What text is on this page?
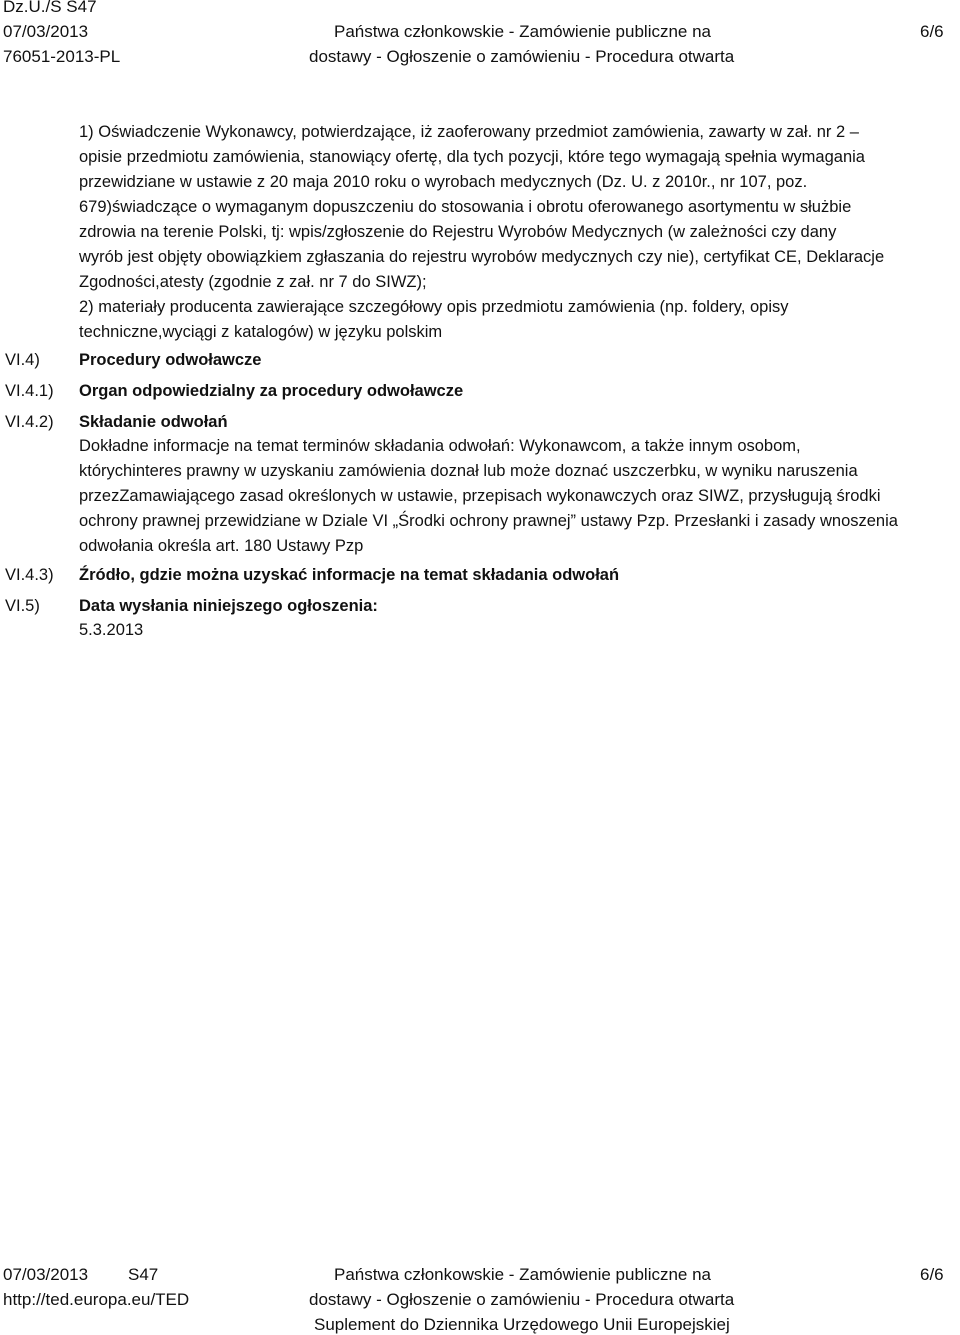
Dz.U./S S47
07/03/2013
76051-2013-PL
Państwa członkowskie - Zamówienie publiczne na
dostawy - Ogłoszenie o zamówieniu - Procedura otwarta
6/6
1) Oświadczenie Wykonawcy, potwierdzające, iż zaoferowany przedmiot zamówienia, zawarty w zał. nr 2 –
opisie przedmiotu zamówienia, stanowiący ofertę, dla tych pozycji, które tego wymagają spełnia wymagania
przewidziane w ustawie z 20 maja 2010 roku o wyrobach medycznych (Dz. U. z 2010r., nr 107, poz.
679)świadczące o wymaganym dopuszczeniu do stosowania i obrotu oferowanego asortymentu w służbie
zdrowia na terenie Polski, tj: wpis/zgłoszenie do Rejestru Wyrobów Medycznych (w zależności czy dany
wyrób jest objęty obowiązkiem zgłaszania do rejestru wyrobów medycznych czy nie), certyfikat CE, Deklaracje
Zgodności,atesty (zgodnie z zał. nr 7 do SIWZ);
2) materiały producenta zawierające szczegółowy opis przedmiotu zamówienia (np. foldery, opisy
techniczne,wyciągi z katalogów) w języku polskim
VI.4) Procedury odwoławcze
VI.4.1) Organ odpowiedzialny za procedury odwoławcze
VI.4.2) Składanie odwołań
Dokładne informacje na temat terminów składania odwołań: Wykonawcom, a także innym osobom,
którychinteres prawny w uzyskaniu zamówienia doznał lub może doznać uszczerbku, w wyniku naruszenia
przezZamawiającego zasad określonych w ustawie, przepisach wykonawczych oraz SIWZ, przysługują środki
ochrony prawnej przewidziane w Dziale VI „Środki ochrony prawnej” ustawy Pzp. Przesłanki i zasady wnoszenia
odwołania określa art. 180 Ustawy Pzp
VI.4.3) Źródło, gdzie można uzyskać informacje na temat składania odwołań
VI.5) Data wysłania niniejszego ogłoszenia:
5.3.2013
07/03/2013 S47
http://ted.europa.eu/TED
Państwa członkowskie - Zamówienie publiczne na
dostawy - Ogłoszenie o zamówieniu - Procedura otwarta
Suplement do Dziennika Urzędowego Unii Europejskiej
6/6
